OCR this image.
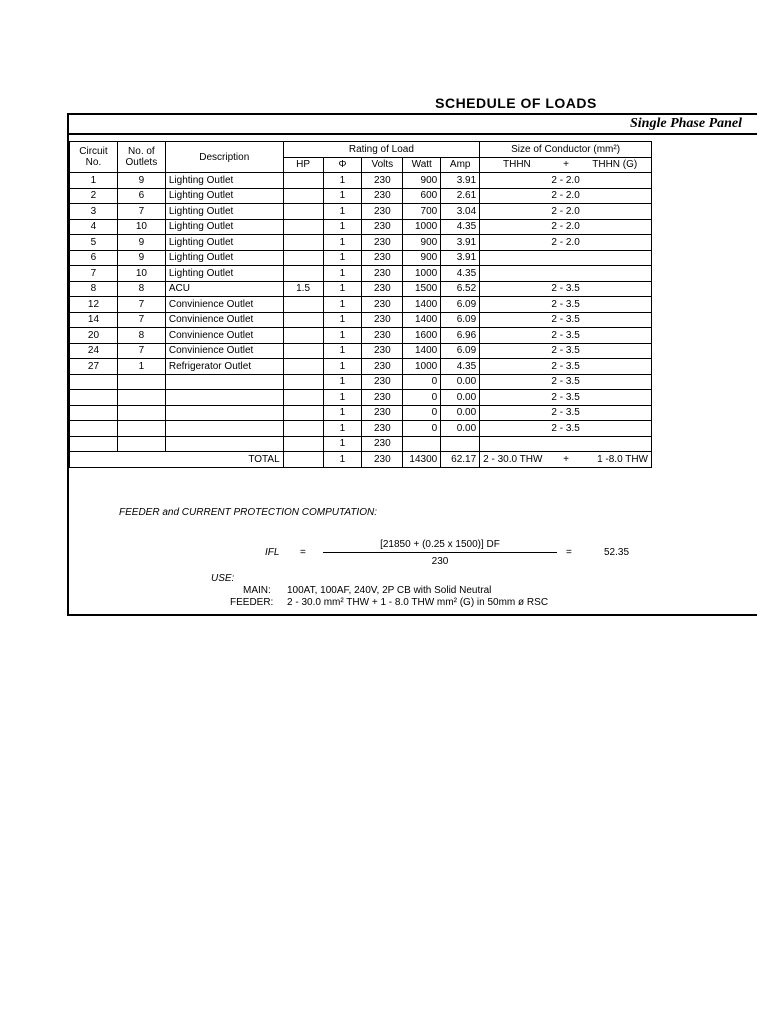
SCHEDULE OF LOADS
Single Phase Panel
Circuit No.	No. of Outlets	Description	Rating of Load					Size of Conductor (mm²)		
			HP	Φ	Volts	Watt	Amp	THHN	+	THHN (G)
1	9	Lighting Outlet		1	230	900	3.91	2 - 2.0		
2	6	Lighting Outlet		1	230	600	2.61	2 - 2.0		
3	7	Lighting Outlet		1	230	700	3.04	2 - 2.0		
4	10	Lighting Outlet		1	230	1000	4.35	2 - 2.0		
5	9	Lighting Outlet		1	230	900	3.91	2 - 2.0		
6	9	Lighting Outlet		1	230	900	3.91			
7	10	Lighting Outlet		1	230	1000	4.35			
8	8	ACU	1.5	1	230	1500	6.52	2 - 3.5		
12	7	Convinience Outlet		1	230	1400	6.09	2 - 3.5		
14	7	Convinience Outlet		1	230	1400	6.09	2 - 3.5		
20	8	Convinience Outlet		1	230	1600	6.96	2 - 3.5		
24	7	Convinience Outlet		1	230	1400	6.09	2 - 3.5		
27	1	Refrigerator Outlet		1	230	1000	4.35	2 - 3.5		
				1	230	0	0.00	2 - 3.5		
				1	230	0	0.00	2 - 3.5		
				1	230	0	0.00	2 - 3.5		
				1	230	0	0.00	2 - 3.5		
				1	230					
TOTAL				1	230	14300	62.17	2 - 30.0 THW	+	1 -8.0 THW
FEEDER and CURRENT PROTECTION COMPUTATION:
IFL =
[21850 + (0.25 x 1500)] DF
230
=	52.35
USE:
MAIN: 100AT, 100AF, 240V, 2P CB with Solid Neutral
FEEDER: 2 - 30.0 mm² THW + 1 - 8.0 THW mm² (G) in 50mm ø RSC
